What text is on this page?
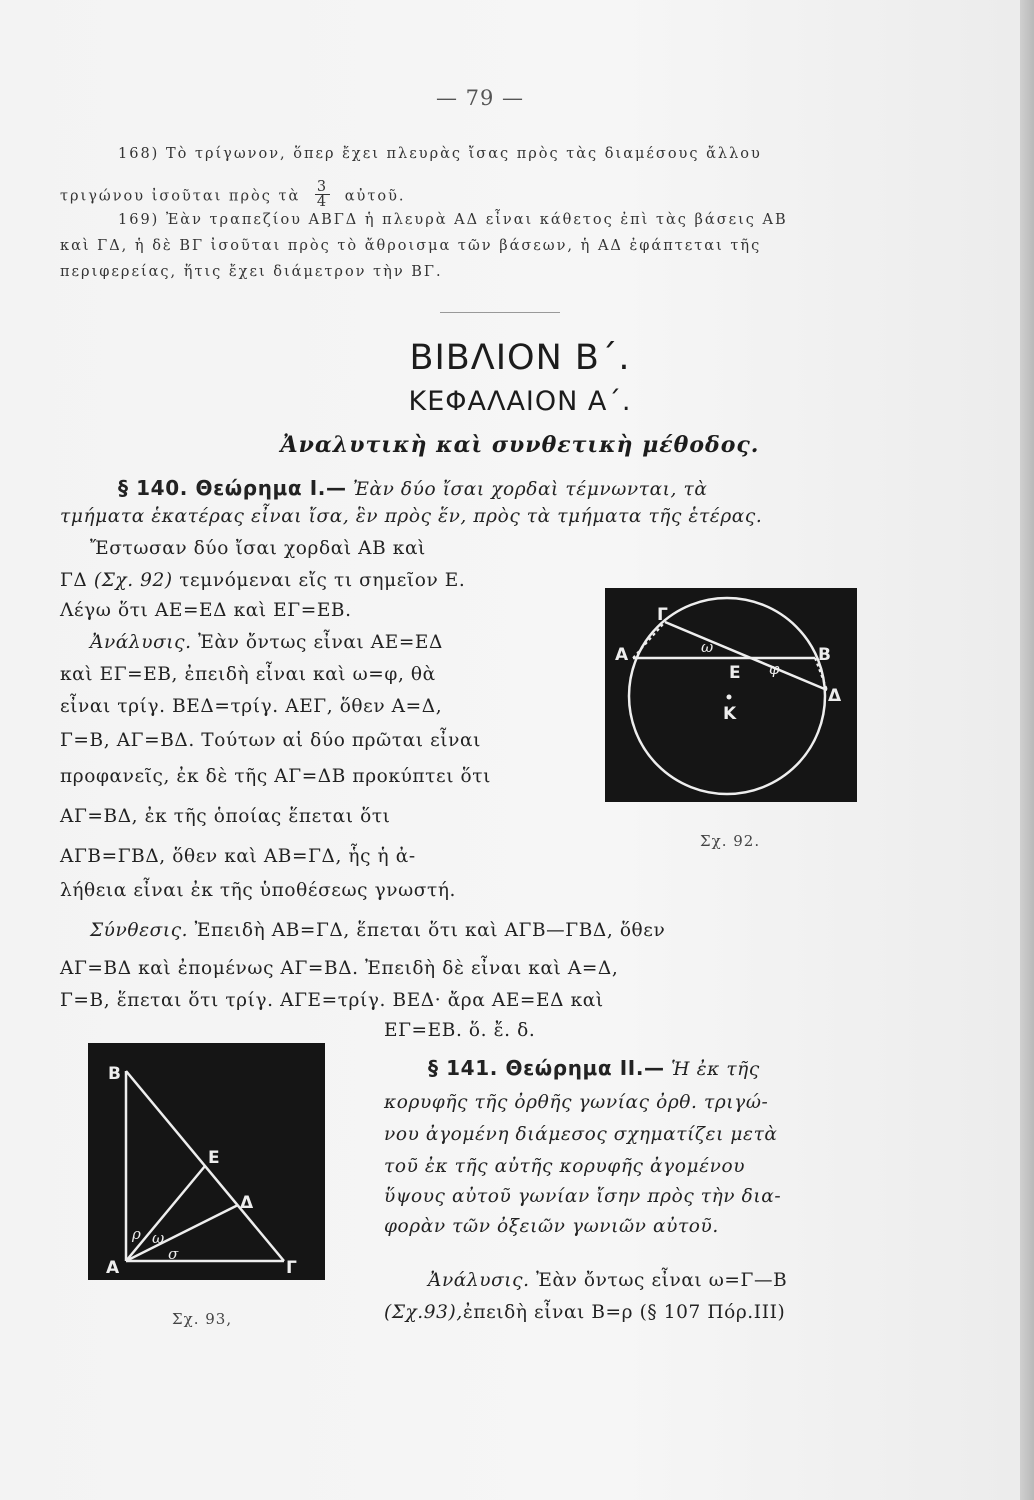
— 79 —

168) Τὸ τρίγωνον, ὅπερ ἔχει πλευρὰς ἴσας πρὸς τὰς διαμέσους ἄλλου

τριγώνου ἰσοῦται πρὸς τὰ $\frac{3}{4}$ αὐτοῦ.

169) Ἐὰν τραπεζίου ΑΒΓΔ ἡ πλευρὰ ΑΔ εἶναι κάθετος ἐπὶ τὰς βάσεις ΑΒ

καὶ ΓΔ, ἡ δὲ ΒΓ ἰσοῦται πρὸς τὸ ἄθροισμα τῶν βάσεων, ἡ ΑΔ ἐφάπτεται τῆς

περιφερείας, ἥτις ἔχει διάμετρον τὴν ΒΓ.

ΒΙΒΛΙΟΝ Β΄.

ΚΕΦΑΛΑΙΟΝ Α΄.

Ἀναλυτικὴ καὶ συνθετικὴ μέθοδος.

§ 140. Θεώρημα Ι.— Ἐὰν δύο ἴσαι χορδαὶ τέμνωνται, τὰ

τμήματα ἑκατέρας εἶναι ἴσα, ἓν πρὸς ἕν, πρὸς τὰ τμήματα τῆς ἑτέρας.

Ἔστωσαν δύο ἴσαι χορδαὶ ΑΒ καὶ

ΓΔ (Σχ. 92) τεμνόμεναι εἴς τι σημεῖον Ε.

Λέγω ὅτι ΑΕ=ΕΔ καὶ ΕΓ=ΕΒ.

Ἀνάλυσις. Ἐὰν ὄντως εἶναι ΑΕ=ΕΔ

καὶ ΕΓ=ΕΒ, ἐπειδὴ εἶναι καὶ ω=φ, θὰ

εἶναι τρίγ. ΒΕΔ=τρίγ. ΑΕΓ, ὅθεν Α=Δ,

Γ=Β, ΑΓ=ΒΔ. Τούτων αἱ δύο πρῶται εἶναι

προφανεῖς, ἐκ δὲ τῆς ΑΓ=ΔΒ προκύπτει ὅτι

ΑΓ=ΒΔ, ἐκ τῆς ὁποίας ἕπεται ὅτι

ΑΓΒ=ΓΒΔ, ὅθεν καὶ ΑΒ=ΓΔ, ἧς ἡ ἀ-

λήθεια εἶναι ἐκ τῆς ὑποθέσεως γνωστή.

Σύνθεσις. Ἐπειδὴ ΑΒ=ΓΔ, ἕπεται ὅτι καὶ ΑΓΒ—ΓΒΔ, ὅθεν

ΑΓ=ΒΔ καὶ ἐπομένως ΑΓ=ΒΔ. Ἐπειδὴ δὲ εἶναι καὶ Α=Δ,

Γ=Β, ἕπεται ὅτι τρίγ. ΑΓΕ=τρίγ. ΒΕΔ· ἄρα ΑΕ=ΕΔ καὶ

ΕΓ=ΕΒ. ὅ. ἔ. δ.

Γ
Α	Β
Δ
Ε
Κ
ω
φ

Σχ. 92.

Β
Ε
Δ
Α	Γ
ρ ω
σ

Σχ. 93,

§ 141. Θεώρημα ΙΙ.— Ἡ ἐκ τῆς

κορυφῆς τῆς ὀρθῆς γωνίας ὀρθ. τριγώ-

νου ἀγομένη διάμεσος σχηματίζει μετὰ

τοῦ ἐκ τῆς αὐτῆς κορυφῆς ἀγομένου

ὕψους αὐτοῦ γωνίαν ἴσην πρὸς τὴν δια-

φορὰν τῶν ὀξειῶν γωνιῶν αὐτοῦ.

Ἀνάλυσις. Ἐὰν ὄντως εἶναι ω=Γ—Β

(Σχ.93),ἐπειδὴ εἶναι Β=ρ (§ 107 Πόρ.ΙΙΙ)
